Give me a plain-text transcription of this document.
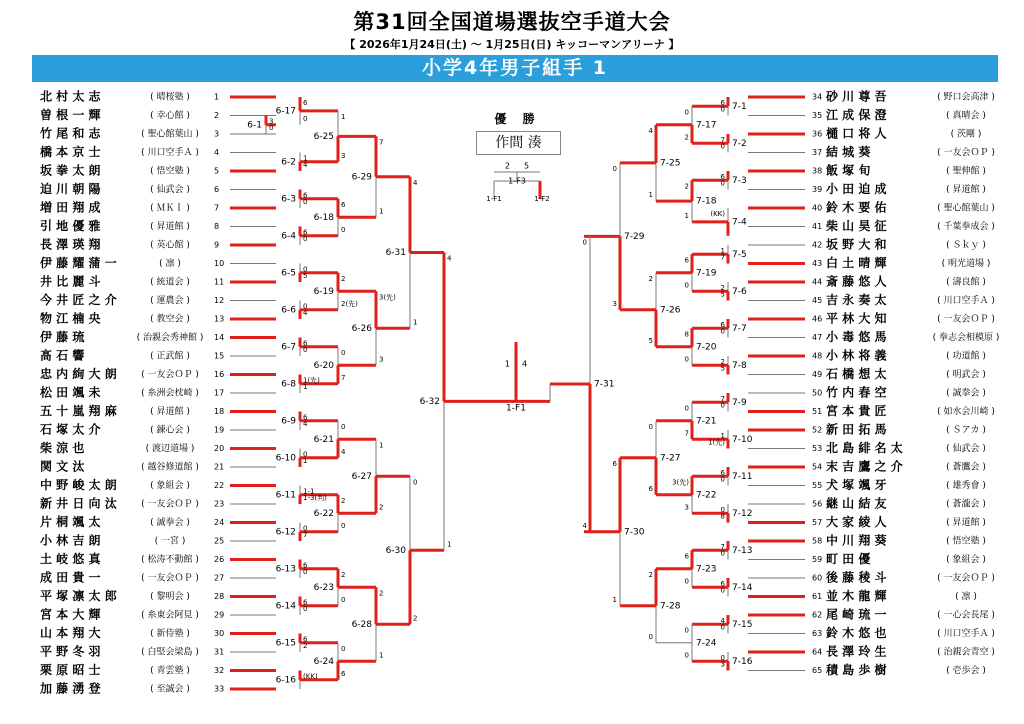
第31回全国道場選抜空手道大会
【 2026年1月24日(土) ～ 1月25日(日) キッコーマンアリーナ 】
小学4年男子組手 1
北 村 太 志	( 晴桜塾 )	1
曽 根 一 輝	( 幸心館 )	2
竹 尾 和 志	( 聖心館葉山 ) 3
橋 本 京 士	( 川口空手Ａ ) 4
坂 拳 太 朗	( 悟空塾 )	5
迫 川 朝 陽	( 仙武会 )	6
増 田 翔 成	( ＭＫＩ )	7
引 地 優 雅	( 昇道館 )	8
長 澤 瑛 翔	( 英心館 )	9
伊 藤 耀 蒲 一	( 凛 )	10
井 比 麗 斗	( 統道会 )	11
今 井 匠 之 介	( 運農会 )	12
物 江 楠 央	( 教空会 )	13
伊 藤 琉	( 治親会秀神館 ) 14
髙 石 響	( 正武館 )	15
忠 内 絢 大 朗	( 一友会ＯＰ ) 16
松 田 颯 未	( 糸洲会枕崎 ) 17
五 十 嵐 翔 麻	( 昇道館 )	18
石 塚 太 介	( 錬心会 )	19
柴 涼 也	( 渡辺道場 ) 20
関 文 汰	( 越谷修道館 ) 21
中 野 峻 太 朗	( 象組会 )	22
新 井 日 向 汰	( 一友会ＯＰ ) 23
片 桐 颯 太	( 誠拳会 )	24
小 林 吉 朗	( 一宮 )	25
土 岐 悠 真	( 松涛不動館 ) 26
成 田 貴 一	( 一友会ＯＰ ) 27
平 塚 凛 太 郎	( 黎明会 )	28
宮 本 大 輝	( 糸東会阿見 ) 29
山 本 翔 大	( 新侍塾 )	30
平 野 冬 羽	( 白堅会梁島 ) 31
栗 原 昭 士	( 青雲塾 )	32
加 藤 湧 登	( 至誠会 )	33
34 砂 川 尊 吾	( 野口会高津 )
35 江 成 保 澄	( 真晴会 )
36 樋 口 将 人	( 茨剛 )
37 結 城 葵	( 一友会ＯＰ )
38 飯 塚 旬	( 聖伸館 )
39 小 田 迫 成	( 昇道館 )
40 鈴 木 要 佑	( 聖心館葉山 )
41 柴 山 昊 征	( 千葉拳成会 )
42 坂 野 大 和	( Ｓｋｙ )
43 白 土 晴 輝	( 明光道場 )
44 斎 藤 悠 人	( 濤良館 )
45 吉 永 奏 太	( 川口空手Ａ )
46 平 林 大 知	( 一友会ＯＰ )
47 小 毒 悠 馬	( 拳志会相模原 )
48 小 林 将 義	( 功道館 )
49 石 橋 想 太	( 明武会 )
50 竹 内 春 空	( 誠拳会 )
51 宮 本 貴 匠	( 如水会川崎 )
52 新 田 拓 馬	( Ｓアカ )
53 北 島 緋 名 太	( 仙武会 )
54 末 吉 鷹 之 介	( 蒼鷹会 )
55 犬 塚 颯 牙	( 雄秀會 )
56 継 山 結 友	( 蒼瀧会 )
57 大 家 綾 人	( 昇道館 )
58 中 川 翔 葵	( 悟空塾 )
59 町 田 優	( 象組会 )
60 後 藤 稜 斗	( 一友会ＯＰ )
61 並 木 龍 輝	( 凛 )
62 尾 崎 琉 一	( 一心会長尾 )
63 鈴 木 悠 也	( 川口空手Ａ )
64 長 澤 玲 生	( 治親会青空 )
65 積 島 歩 樹	( 壱歩会 )
6-1 3
0
6-17
6
0
6-2 1
4
6-3 6
0
6-4 6
0
6-5 0
5
6-6 0
4
6-7 6
0
6-8 1(先)
1
6-9 6
4
6-10 0
1
6-11 1-1
1-3(判)
6-12 0
7
6-13 6
0
6-14 6
0
6-15 6
2
6-16 (KK)
6-25
1
3
6-18
6
0
6-19
2
2(先)
6-20
0
7
6-21
0
4
6-22
2
0
6-23
2
0
6-24
0
6
6-29
7
1
6-26
3(先)
3
6-27
1
2
6-28
2
1
6-31
4
1
6-30
0
2
6-32
4
1
7-1
6
0
7-2
7
0
7-3
6
0
7-4
(KK)
7-5
1
7
7-6
2
5
7-7
6
0
7-8
2
5
7-9
7
0
7-10
1
1(先)
7-11
6
0
7-12
0
8
7-13
7
0
7-14
6
0
7-15
4
0
7-16
0
3
7-17
0
2
7-18
2
1
7-19
6
0
7-20
8
0
7-21
0
7
7-22
3(先)
3
7-23
6
0
7-24
0
0
7-25
4
1
7-26
2
5
7-27
0
6
7-28
2
0
7-29
0
3
7-30
6
1
7-31
0
4
1-F1
1 4
1-F3
2 5
1-F1	1-F2
優 勝
作間 湊
